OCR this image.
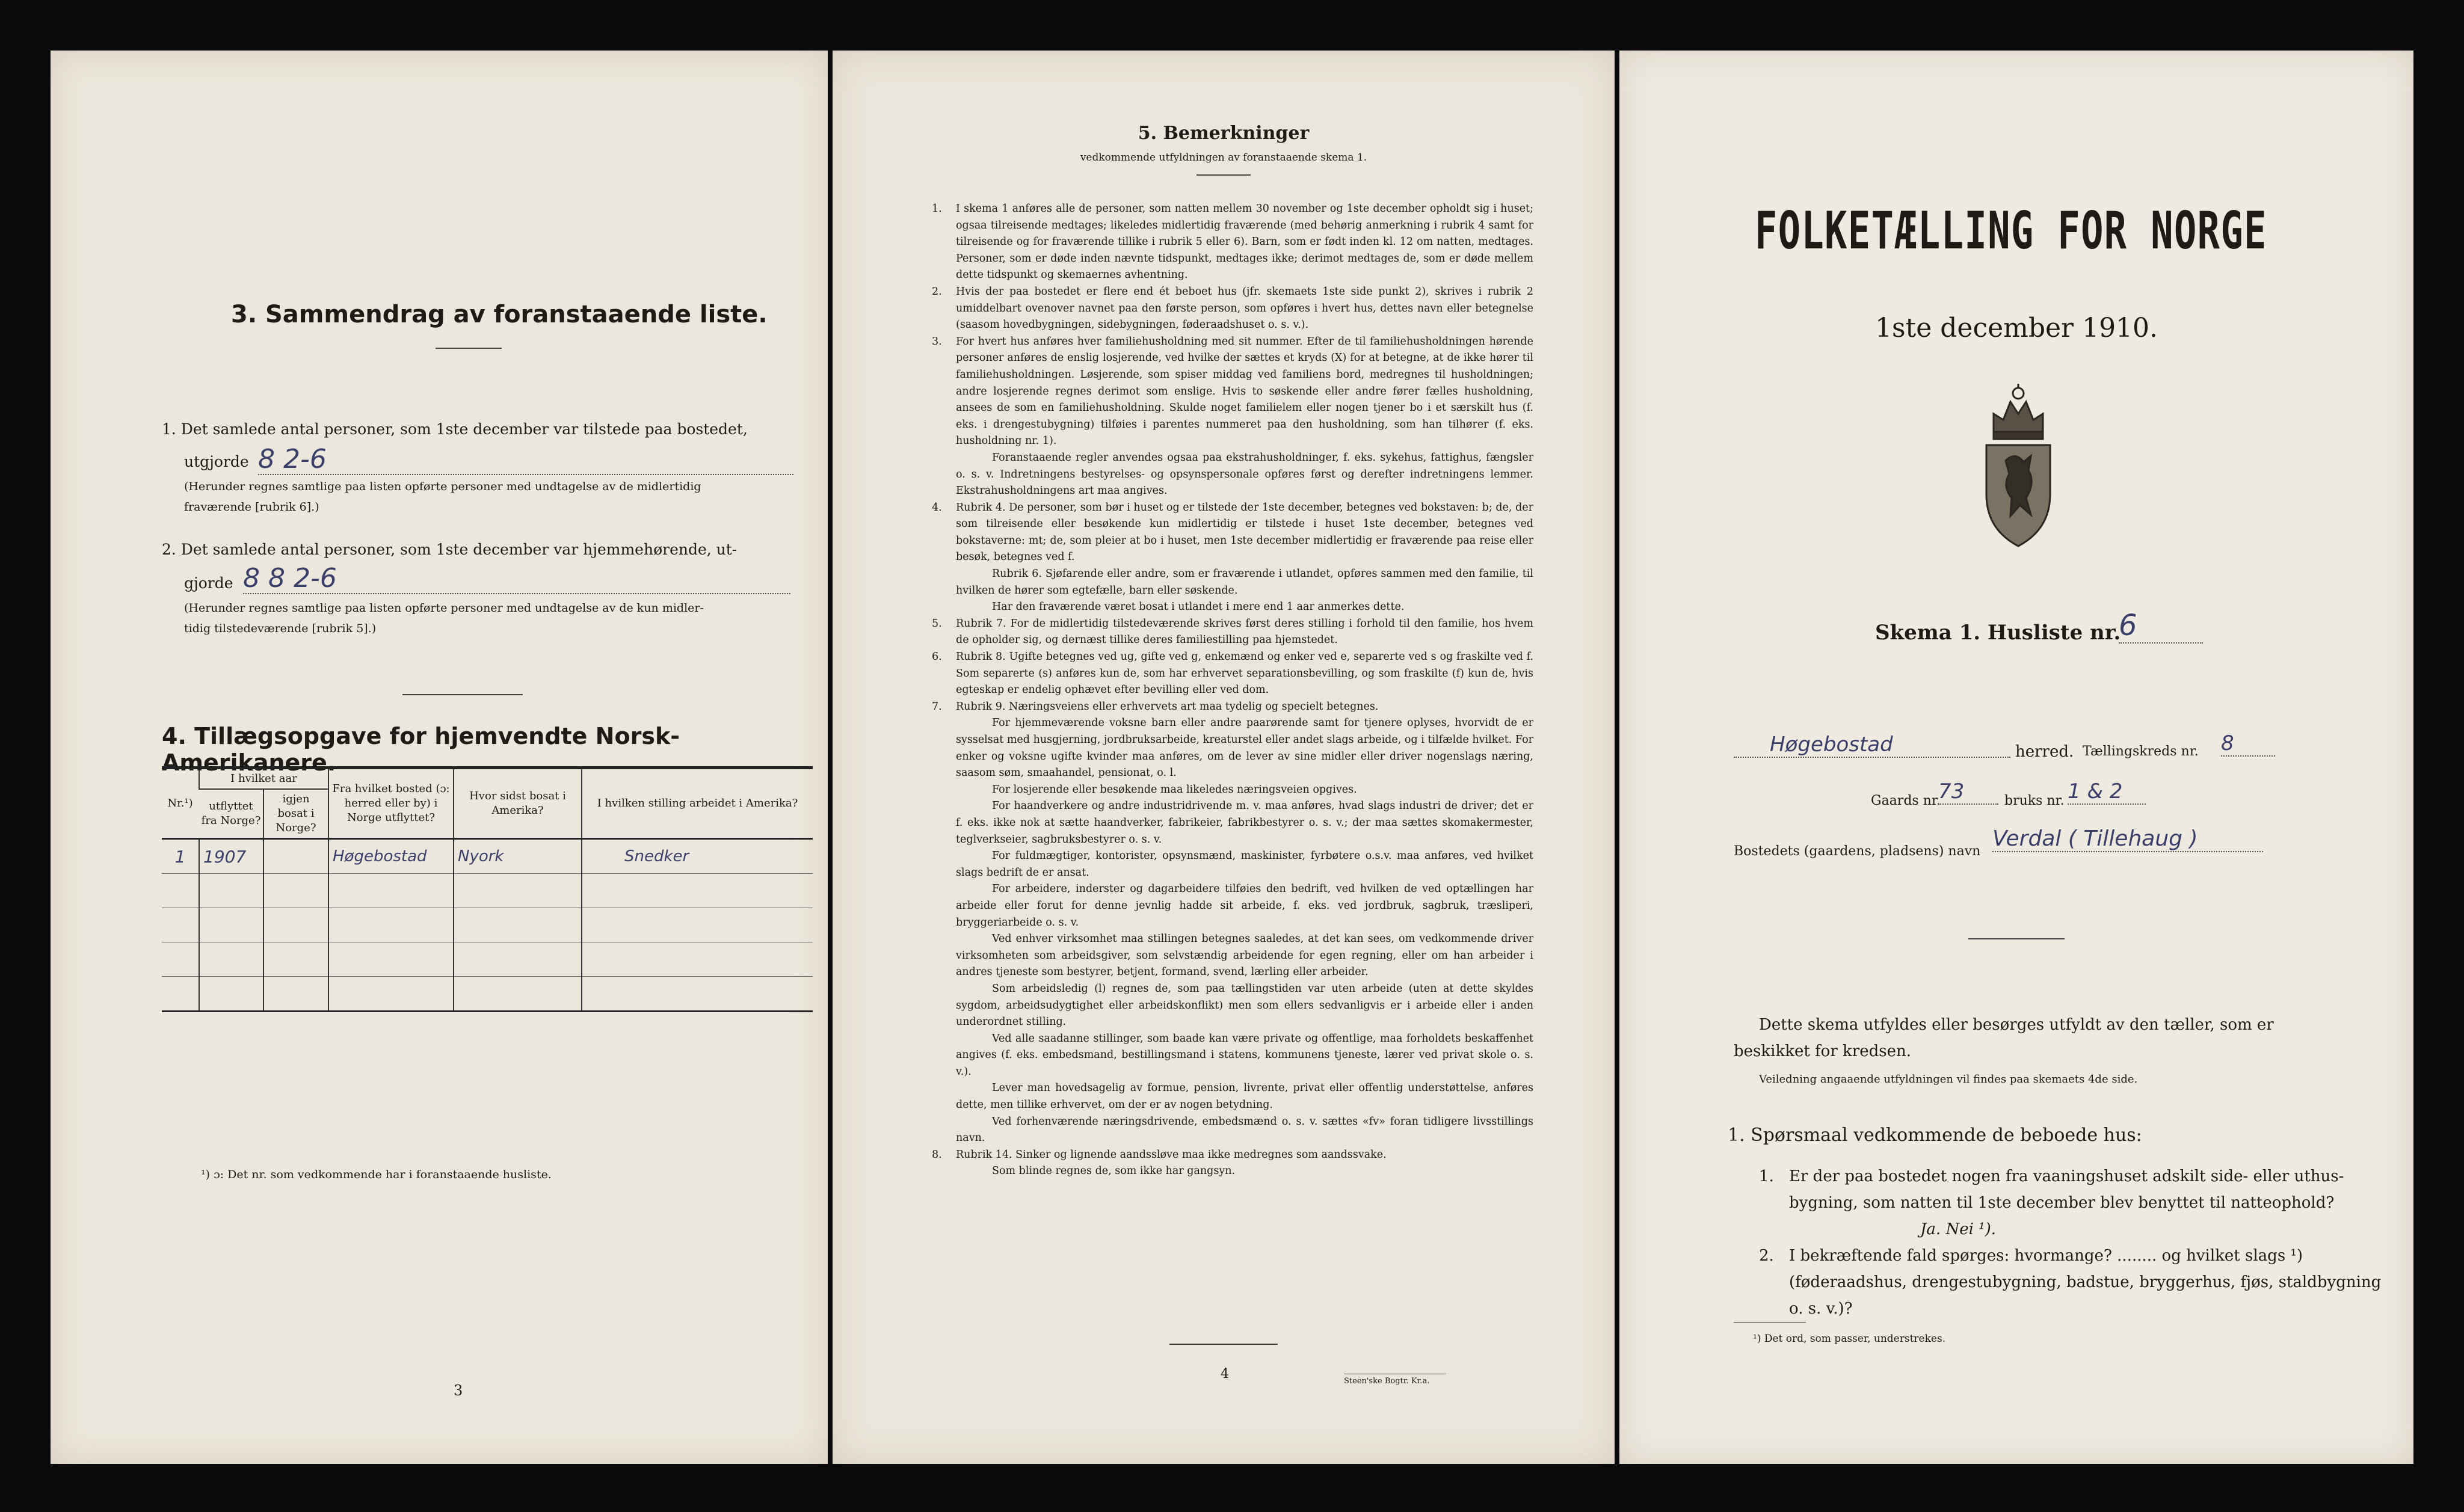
3. Sammendrag av foranstaaende liste.
1. Det samlede antal personer, som 1ste december var tilstede paa bostedet,
utgjorde 8 2-6
(Herunder regnes samtlige paa listen opførte personer med undtagelse av de midlertidig
fraværende [rubrik 6].)
2. Det samlede antal personer, som 1ste december var hjemmehørende, ut-
gjorde 8 8 2-6
(Herunder regnes samtlige paa listen opførte personer med undtagelse av de kun midler-
tidig tilstedeværende [rubrik 5].)
4. Tillægsopgave for hjemvendte Norsk-Amerikanere.
Nr.¹)	I hvilket aar		Fra hvilket bosted (ɔ: herred eller by) i Norge utflyttet?	Hvor sidst bosat i Amerika?	I hvilken stilling arbeidet i Amerika?
	utflyttet fra Norge?	igjen bosat i Norge?			
1	1907		Høgebostad	Nyork	Snedker

¹) ɔ: Det nr. som vedkommende har i foranstaaende husliste.
3
5. Bemerkninger
vedkommende utfyldningen av foranstaaende skema 1.

1. I skema 1 anføres alle de personer, som natten mellem 30 november og 1ste december opholdt sig i huset; ogsaa tilreisende medtages; likeledes midlertidig fraværende (med behørig anmerkning i rubrik 4 samt for tilreisende og for fraværende tillike i rubrik 5 eller 6). Barn, som er født inden kl. 12 om natten, medtages. Personer, som er døde inden nævnte tidspunkt, medtages ikke; derimot medtages de, som er døde mellem dette tidspunkt og skemaernes avhentning.

2. Hvis der paa bostedet er flere end ét beboet hus (jfr. skemaets 1ste side punkt 2), skrives i rubrik 2 umiddelbart ovenover navnet paa den første person, som opføres i hvert hus, dettes navn eller betegnelse (saasom hovedbygningen, sidebygningen, føderaadshuset o. s. v.).

3. For hvert hus anføres hver familiehusholdning med sit nummer. Efter de til familiehusholdningen hørende personer anføres de enslig losjerende, ved hvilke der sættes et kryds (X) for at betegne, at de ikke hører til familiehusholdningen. Løsjerende, som spiser middag ved familiens bord, medregnes til husholdningen; andre losjerende regnes derimot som enslige. Hvis to søskende eller andre fører fælles husholdning, ansees de som en familiehusholdning. Skulde noget familielem eller nogen tjener bo i et særskilt hus (f. eks. i drengestubygning) tilføies i parentes nummeret paa den husholdning, som han tilhører (f. eks. husholdning nr. 1).

Foranstaaende regler anvendes ogsaa paa ekstrahusholdninger, f. eks. sykehus, fattighus, fængsler o. s. v. Indretningens bestyrelses- og opsynspersonale opføres først og derefter indretningens lemmer. Ekstrahusholdningens art maa angives.

4. Rubrik 4. De personer, som bør i huset og er tilstede der 1ste december, betegnes ved bokstaven: b; de, der som tilreisende eller besøkende kun midlertidig er tilstede i huset 1ste december, betegnes ved bokstaverne: mt; de, som pleier at bo i huset, men 1ste december midlertidig er fraværende paa reise eller besøk, betegnes ved f.

Rubrik 6. Sjøfarende eller andre, som er fraværende i utlandet, opføres sammen med den familie, til hvilken de hører som egtefælle, barn eller søskende.

Har den fraværende været bosat i utlandet i mere end 1 aar anmerkes dette.

5. Rubrik 7. For de midlertidig tilstedeværende skrives først deres stilling i forhold til den familie, hos hvem de opholder sig, og dernæst tillike deres familiestilling paa hjemstedet.

6. Rubrik 8. Ugifte betegnes ved ug, gifte ved g, enkemænd og enker ved e, separerte ved s og fraskilte ved f. Som separerte (s) anføres kun de, som har erhvervet separationsbevilling, og som fraskilte (f) kun de, hvis egteskap er endelig ophævet efter bevilling eller ved dom.

7. Rubrik 9. Næringsveiens eller erhvervets art maa tydelig og specielt betegnes.

For hjemmeværende voksne barn eller andre paarørende samt for tjenere oplyses, hvorvidt de er sysselsat med husgjerning, jordbruksarbeide, kreaturstel eller andet slags arbeide, og i tilfælde hvilket. For enker og voksne ugifte kvinder maa anføres, om de lever av sine midler eller driver nogenslags næring, saasom søm, smaahandel, pensionat, o. l.

For losjerende eller besøkende maa likeledes næringsveien opgives.

For haandverkere og andre industridrivende m. v. maa anføres, hvad slags industri de driver; det er f. eks. ikke nok at sætte haandverker, fabrikeier, fabrikbestyrer o. s. v.; der maa sættes skomakermester, teglverkseier, sagbruksbestyrer o. s. v.

For fuldmægtiger, kontorister, opsynsmænd, maskinister, fyrbøtere o.s.v. maa anføres, ved hvilket slags bedrift de er ansat.

For arbeidere, inderster og dagarbeidere tilføies den bedrift, ved hvilken de ved optællingen har arbeide eller forut for denne jevnlig hadde sit arbeide, f. eks. ved jordbruk, sagbruk, træsliperi, bryggeriarbeide o. s. v.

Ved enhver virksomhet maa stillingen betegnes saaledes, at det kan sees, om vedkommende driver virksomheten som arbeidsgiver, som selvstændig arbeidende for egen regning, eller om han arbeider i andres tjeneste som bestyrer, betjent, formand, svend, lærling eller arbeider.

Som arbeidsledig (l) regnes de, som paa tællingstiden var uten arbeide (uten at dette skyldes sygdom, arbeidsudygtighet eller arbeidskonflikt) men som ellers sedvanligvis er i arbeide eller i anden underordnet stilling.

Ved alle saadanne stillinger, som baade kan være private og offentlige, maa forholdets beskaffenhet angives (f. eks. embedsmand, bestillingsmand i statens, kommunens tjeneste, lærer ved privat skole o. s. v.).

Lever man hovedsagelig av formue, pension, livrente, privat eller offentlig understøttelse, anføres dette, men tillike erhvervet, om der er av nogen betydning.

Ved forhenværende næringsdrivende, embedsmænd o. s. v. sættes «fv» foran tidligere livsstillings navn.

8. Rubrik 14. Sinker og lignende aandssløve maa ikke medregnes som aandssvake.

Som blinde regnes de, som ikke har gangsyn.

4	Steen'ske Bogtr. Kr.a.
FOLKETÆLLING FOR NORGE
1ste december 1910.
Skema 1. Husliste nr.
6
Høgebostad	herred. Tællingskreds nr. 8
Gaards nr.
73	bruks nr. 1 & 2
Bostedets (gaardens, pladsens) navn
Verdal ( Tillehaug )
Dette skema utfyldes eller besørges utfyldt av den tæller, som er
beskikket for kredsen.
Veiledning angaaende utfyldningen vil findes paa skemaets 4de side.
1. Spørsmaal vedkommende de beboede hus:
1. Er der paa bostedet nogen fra vaaningshuset adskilt side- eller uthus-bygning, som natten til 1ste december blev benyttet til natteophold?
Ja. Nei ¹).
2. I bekræftende fald spørges: hvormange? ........ og hvilket slags ¹) (føderaadshus, drengestubygning, badstue, bryggerhus, fjøs, staldbygning o. s. v.)?
¹) Det ord, som passer, understrekes.
